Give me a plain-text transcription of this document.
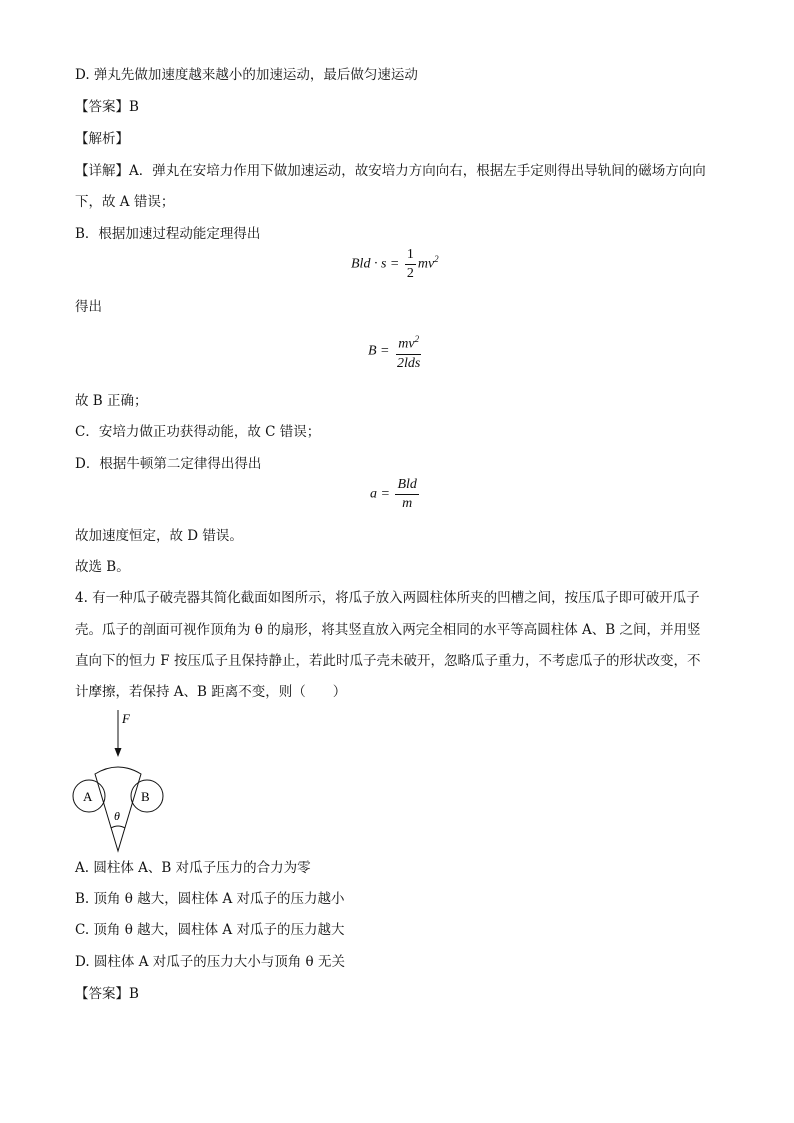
D. 弹丸先做加速度越来越小的加速运动，最后做匀速运动
【答案】B
【解析】
【详解】A．弹丸在安培力作用下做加速运动，故安培力方向向右，根据左手定则得出导轨间的磁场方向向
下，故 A 错误；
B．根据加速过程动能定理得出
Bld · $s = \frac{1}{2} mv^2$
得出
$B = \frac{mv^2}{\text{2lds}}$
故 B 正确；
C．安培力做正功获得动能，故 C 错误；
D．根据牛顿第二定律得出得出
$a = \frac{\text{Bld}}{m}$
故加速度恒定，故 D 错误。
故选 B。
4. 有一种瓜子破壳器其简化截面如图所示，将瓜子放入两圆柱体所夹的凹槽之间，按压瓜子即可破开瓜子
壳。瓜子的剖面可视作顶角为 θ 的扇形，将其竖直放入两完全相同的水平等高圆柱体 A、B 之间，并用竖
直向下的恒力 F 按压瓜子且保持静止，若此时瓜子壳未破开，忽略瓜子重力，不考虑瓜子的形状改变，不
计摩擦，若保持 A、B 距离不变，则（　　）
F
A	B
θ
A. 圆柱体 A、B 对瓜子压力的合力为零
B. 顶角 θ 越大，圆柱体 A 对瓜子的压力越小
C. 顶角 θ 越大，圆柱体 A 对瓜子的压力越大
D. 圆柱体 A 对瓜子的压力大小与顶角 θ 无关
【答案】B
